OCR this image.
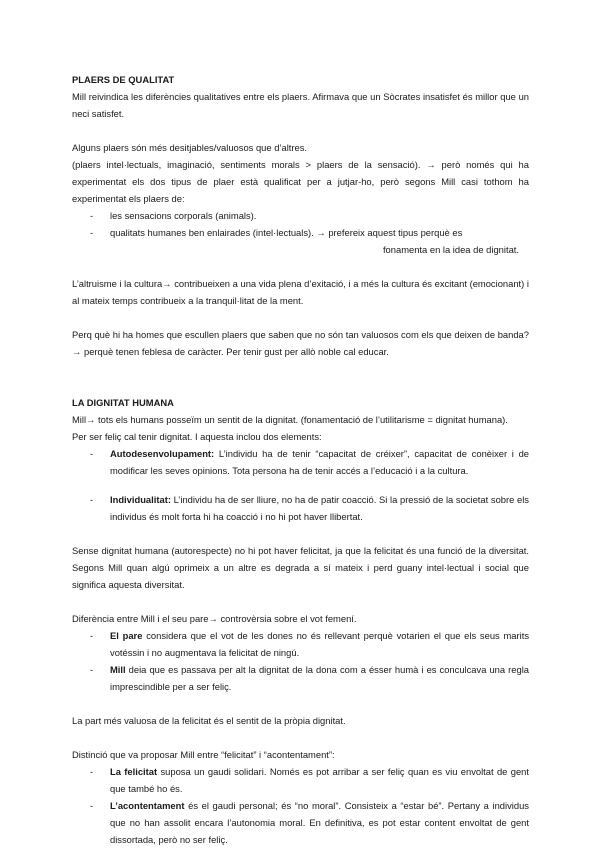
PLAERS DE QUALITAT

Mill reivindica les diferències qualitatives entre els plaers. Afirmava que un Sòcrates insatisfet és millor que un neci satisfet.

Alguns plaers són més desitjables/valuosos que d’altres.

(plaers intel·lectuals, imaginació, sentiments morals > plaers de la sensació). → però només qui ha experimentat els dos tipus de plaer està qualificat per a jutjar-ho, però segons Mill casi tothom ha experimentat els plaers de:

- les sensacions corporals (animals).
- qualitats humanes ben enlairades (intel·lectuals). → prefereix aquest tipus perquè es
fonamenta en la idea de dignitat.

L’altruisme i la cultura→ contribueixen a una vida plena d’exitació, i a més la cultura és excitant (emocionant) i al mateix temps contribueix a la tranquil·litat de la ment.

Perq què hi ha homes que escullen plaers que saben que no són tan valuosos com els que deixen de banda? → perquè tenen feblesa de caràcter. Per tenir gust per allò noble cal educar.

LA DIGNITAT HUMANA

Mill→ tots els humans posseïm un sentit de la dignitat. (fonamentació de l’utilitarisme = dignitat humana).

Per ser feliç cal tenir dignitat. I aquesta inclou dos elements:

- Autodesenvolupament: L’individu ha de tenir “capacitat de créixer”, capacitat de conèixer i de modificar les seves opinions. Tota persona ha de tenir accés a l’educació i a la cultura.
- Individualitat: L’individu ha de ser lliure, no ha de patir coacció. Si la pressió de la societat sobre els individus és molt forta hi ha coacció i no hi pot haver llibertat.

Sense dignitat humana (autorespecte) no hi pot haver felicitat, ja que la felicitat és una funció de la diversitat. Segons Mill quan algú oprimeix a un altre es degrada a sí mateix i perd guany intel·lectual i social que significa aquesta diversitat.

Diferència entre Mill i el seu pare→ controvèrsia sobre el vot femení.

- El pare considera que el vot de les dones no és rellevant perquè votarien el que els seus marits votéssin i no augmentava la felicitat de ningú.
- Mill deia que es passava per alt la dignitat de la dona com a ésser humà i es conculcava una regla imprescindible per a ser feliç.

La part més valuosa de la felicitat és el sentit de la pròpia dignitat.

Distinció que va proposar Mill entre “felicitat” i “acontentament”:

- La felicitat suposa un gaudi solidari. Només es pot arribar a ser feliç quan es viu envoltat de gent que també ho és.
- L’acontentament és el gaudi personal; és “no moral”. Consisteix a “estar bé”. Pertany a individus que no han assolit encara l’autonomia moral. En definitiva, es pot estar content envoltat de gent dissortada, però no ser feliç.
